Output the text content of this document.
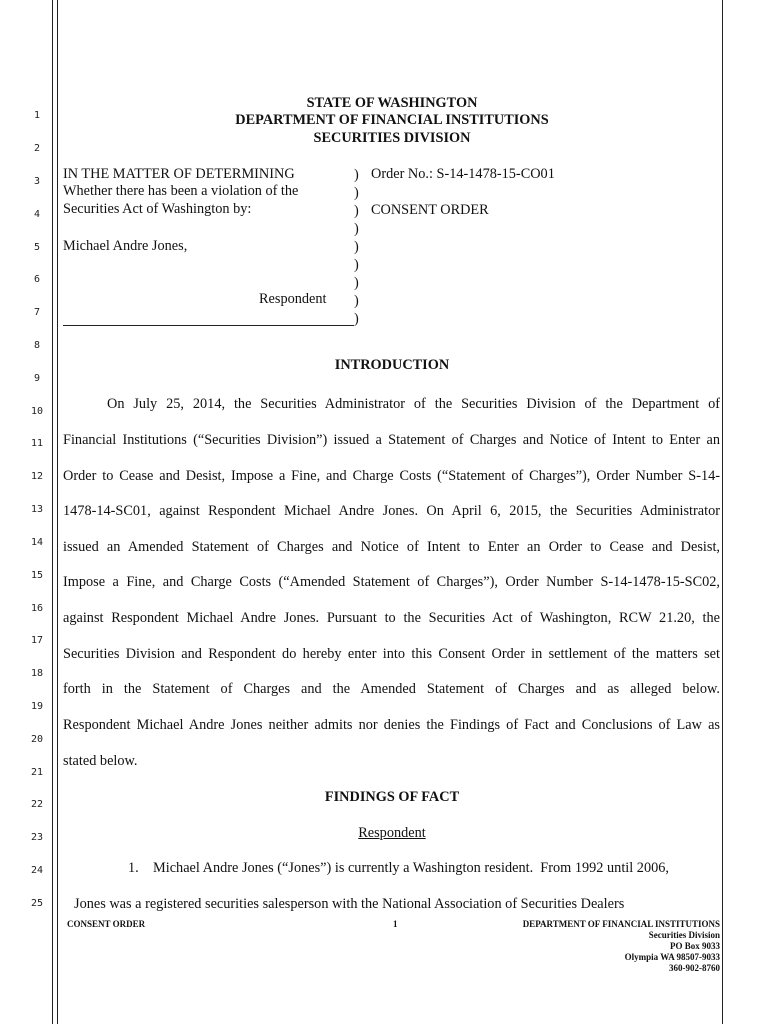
1
2
3
4
5
6
7
8
9
10
11
12
13
14
15
16
17
18
19
20
21
22
23
24
25
STATE OF WASHINGTON
DEPARTMENT OF FINANCIAL INSTITUTIONS
SECURITIES DIVISION
IN THE MATTER OF DETERMINING
Whether there has been a violation of the
Securities Act of Washington by:
Michael Andre Jones,
Respondent
)
)
)
)
)
)
)
)
)
Order No.: S-14-1478-15-CO01
CONSENT ORDER
INTRODUCTION
On July 25, 2014, the Securities Administrator of the Securities Division of the Department of
Financial Institutions (“Securities Division”) issued a Statement of Charges and Notice of Intent to Enter an
Order to Cease and Desist, Impose a Fine, and Charge Costs (“Statement of Charges”), Order Number S-14-
1478-14-SC01, against Respondent Michael Andre Jones. On April 6, 2015, the Securities Administrator
issued an Amended Statement of Charges and Notice of Intent to Enter an Order to Cease and Desist,
Impose a Fine, and Charge Costs (“Amended Statement of Charges”), Order Number S-14-1478-15-SC02,
against Respondent Michael Andre Jones. Pursuant to the Securities Act of Washington, RCW 21.20, the
Securities Division and Respondent do hereby enter into this Consent Order in settlement of the matters set
forth in the Statement of Charges and the Amended Statement of Charges and as alleged below.
Respondent Michael Andre Jones neither admits nor denies the Findings of Fact and Conclusions of Law as
stated below.
FINDINGS OF FACT
Respondent
1.    Michael Andre Jones (“Jones”) is currently a Washington resident.  From 1992 until 2006,
Jones was a registered securities salesperson with the National Association of Securities Dealers
CONSENT ORDER	1	DEPARTMENT OF FINANCIAL INSTITUTIONS
Securities Division
PO Box 9033
Olympia WA 98507-9033
360-902-8760
